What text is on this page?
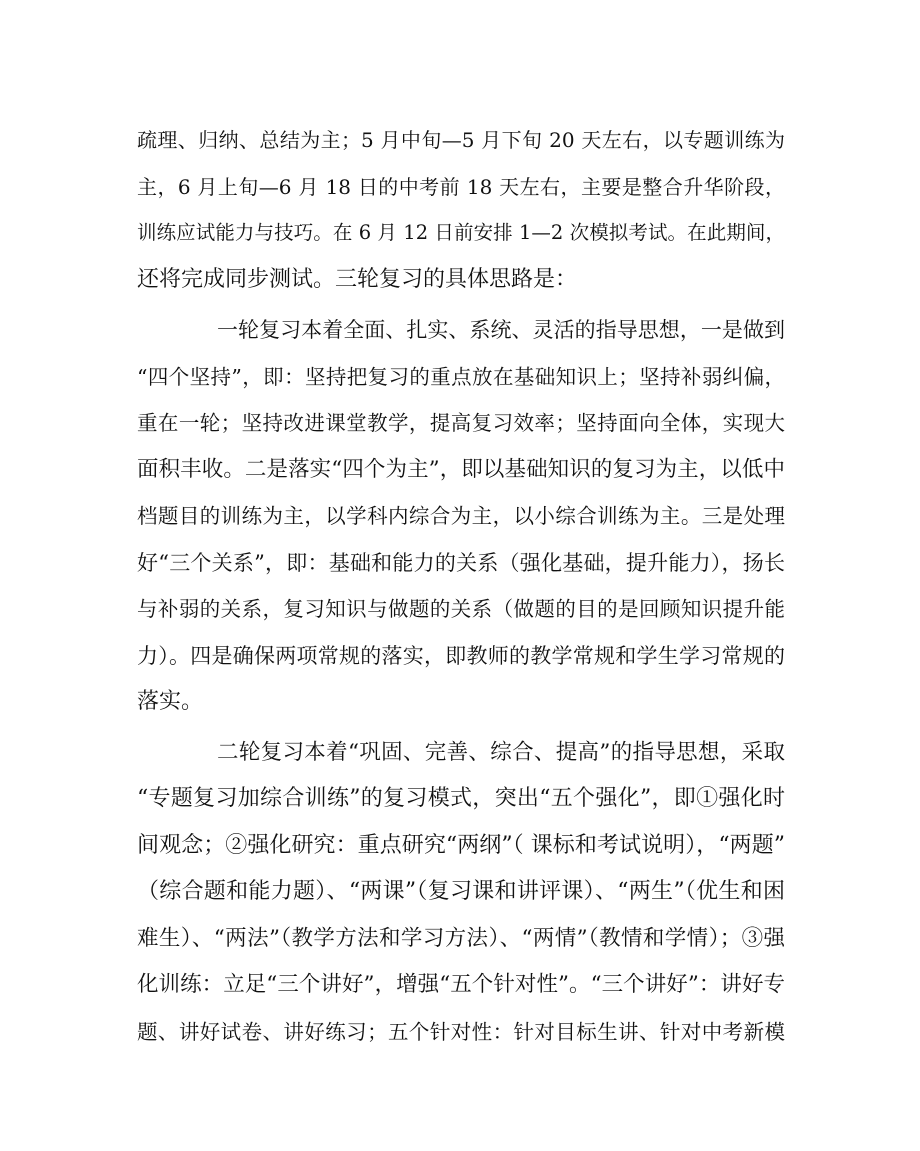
疏理、归纳、总结为主；5 月中旬—5 月下旬 20 天左右，以专题训练为
主，6 月上旬—6 月 18 日的中考前 18 天左右，主要是整合升华阶段，
训练应试能力与技巧。在 6 月 12 日前安排 1—2 次模拟考试。在此期间，
还将完成同步测试。三轮复习的具体思路是：
一轮复习本着全面、扎实、系统、灵活的指导思想，一是做到
“四个坚持”，即：坚持把复习的重点放在基础知识上；坚持补弱纠偏，
重在一轮；坚持改进课堂教学，提高复习效率；坚持面向全体，实现大
面积丰收。二是落实“四个为主”，即以基础知识的复习为主，以低中
档题目的训练为主，以学科内综合为主，以小综合训练为主。三是处理
好“三个关系”，即：基础和能力的关系（强化基础，提升能力），扬长
与补弱的关系，复习知识与做题的关系（做题的目的是回顾知识提升能
力）。四是确保两项常规的落实，即教师的教学常规和学生学习常规的
落实。
二轮复习本着“巩固、完善、综合、提高”的指导思想，采取
“专题复习加综合训练”的复习模式，突出“五个强化”，即①强化时
间观念；②强化研究：重点研究“两纲”（ 课标和考试说明），“两题”
（综合题和能力题）、“两课”（复习课和讲评课）、“两生”（优生和困
难生）、“两法”（教学方法和学习方法）、“两情”（教情和学情）；③强
化训练：立足“三个讲好”，增强“五个针对性”。“三个讲好”：讲好专
题、讲好试卷、讲好练习；五个针对性：针对目标生讲、针对中考新模
